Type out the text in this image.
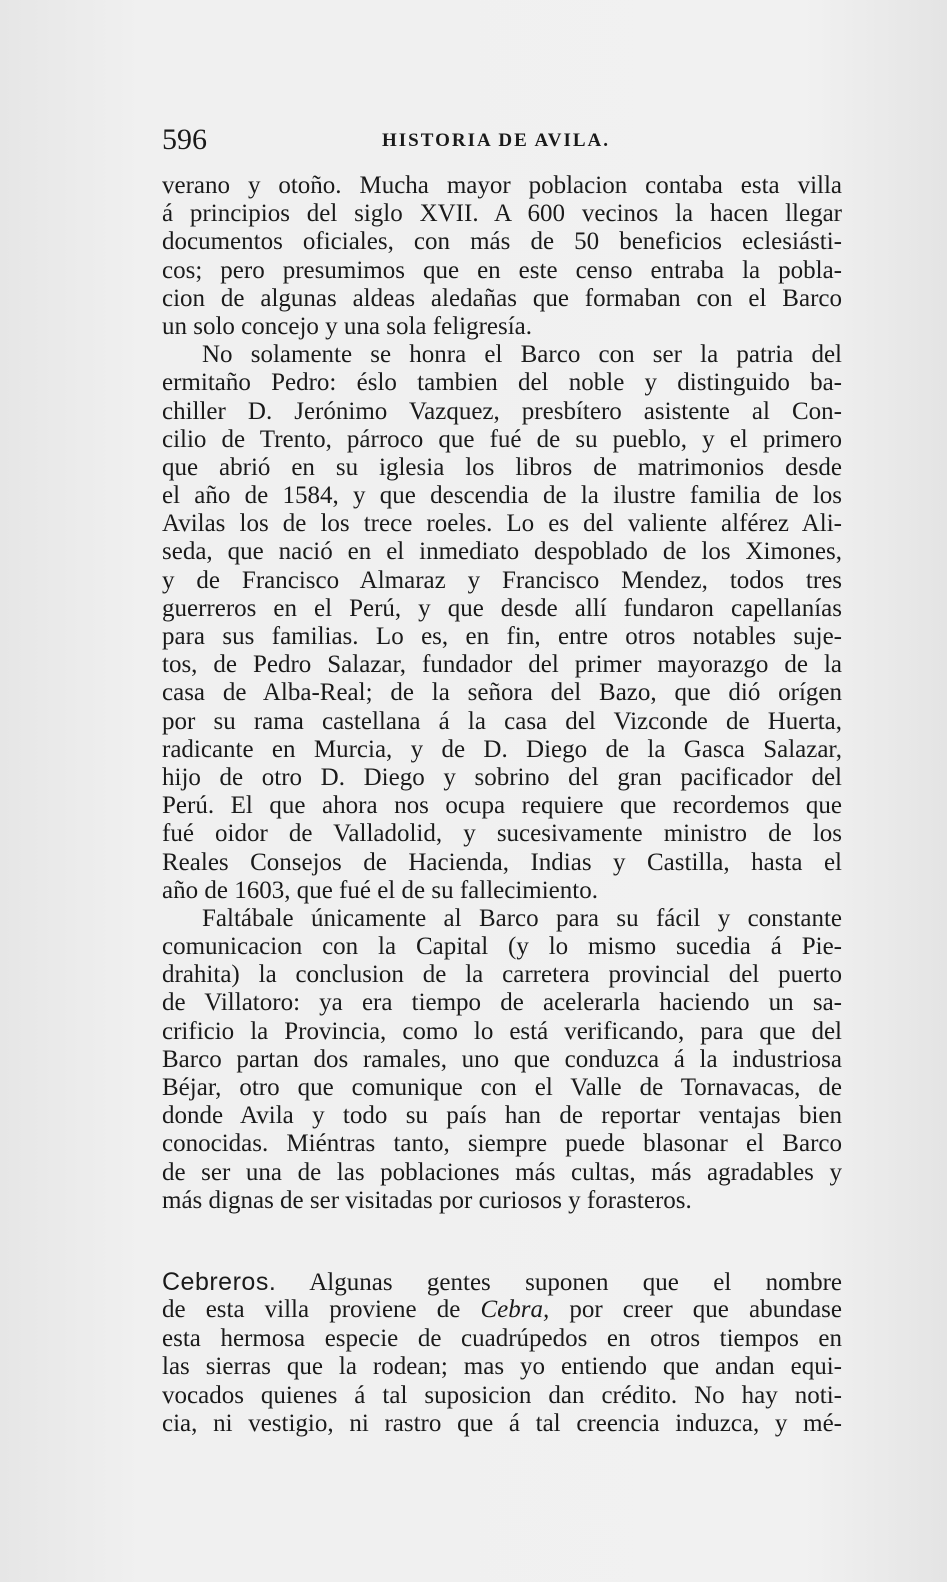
596	HISTORIA DE AVILA.
verano y otoño. Mucha mayor poblacion contaba esta villa
á principios del siglo XVII. A 600 vecinos la hacen llegar
documentos oficiales, con más de 50 beneficios eclesiásti-
cos; pero presumimos que en este censo entraba la pobla-
cion de algunas aldeas aledañas que formaban con el Barco
un solo concejo y una sola feligresía.
No solamente se honra el Barco con ser la patria del
ermitaño Pedro: éslo tambien del noble y distinguido ba-
chiller D. Jerónimo Vazquez, presbítero asistente al Con-
cilio de Trento, párroco que fué de su pueblo, y el primero
que abrió en su iglesia los libros de matrimonios desde
el año de 1584, y que descendia de la ilustre familia de los
Avilas los de los trece roeles. Lo es del valiente alférez Ali-
seda, que nació en el inmediato despoblado de los Ximones,
y de Francisco Almaraz y Francisco Mendez, todos tres
guerreros en el Perú, y que desde allí fundaron capellanías
para sus familias. Lo es, en fin, entre otros notables suje-
tos, de Pedro Salazar, fundador del primer mayorazgo de la
casa de Alba-Real; de la señora del Bazo, que dió orígen
por su rama castellana á la casa del Vizconde de Huerta,
radicante en Murcia, y de D. Diego de la Gasca Salazar,
hijo de otro D. Diego y sobrino del gran pacificador del
Perú. El que ahora nos ocupa requiere que recordemos que
fué oidor de Valladolid, y sucesivamente ministro de los
Reales Consejos de Hacienda, Indias y Castilla, hasta el
año de 1603, que fué el de su fallecimiento.
Faltábale únicamente al Barco para su fácil y constante
comunicacion con la Capital (y lo mismo sucedia á Pie-
drahita) la conclusion de la carretera provincial del puerto
de Villatoro: ya era tiempo de acelerarla haciendo un sa-
crificio la Provincia, como lo está verificando, para que del
Barco partan dos ramales, uno que conduzca á la industriosa
Béjar, otro que comunique con el Valle de Tornavacas, de
donde Avila y todo su país han de reportar ventajas bien
conocidas. Miéntras tanto, siempre puede blasonar el Barco
de ser una de las poblaciones más cultas, más agradables y
más dignas de ser visitadas por curiosos y forasteros.
Cebreros. Algunas gentes suponen que el nombre
de esta villa proviene de Cebra, por creer que abundase
esta hermosa especie de cuadrúpedos en otros tiempos en
las sierras que la rodean; mas yo entiendo que andan equi-
vocados quienes á tal suposicion dan crédito. No hay noti-
cia, ni vestigio, ni rastro que á tal creencia induzca, y mé-
